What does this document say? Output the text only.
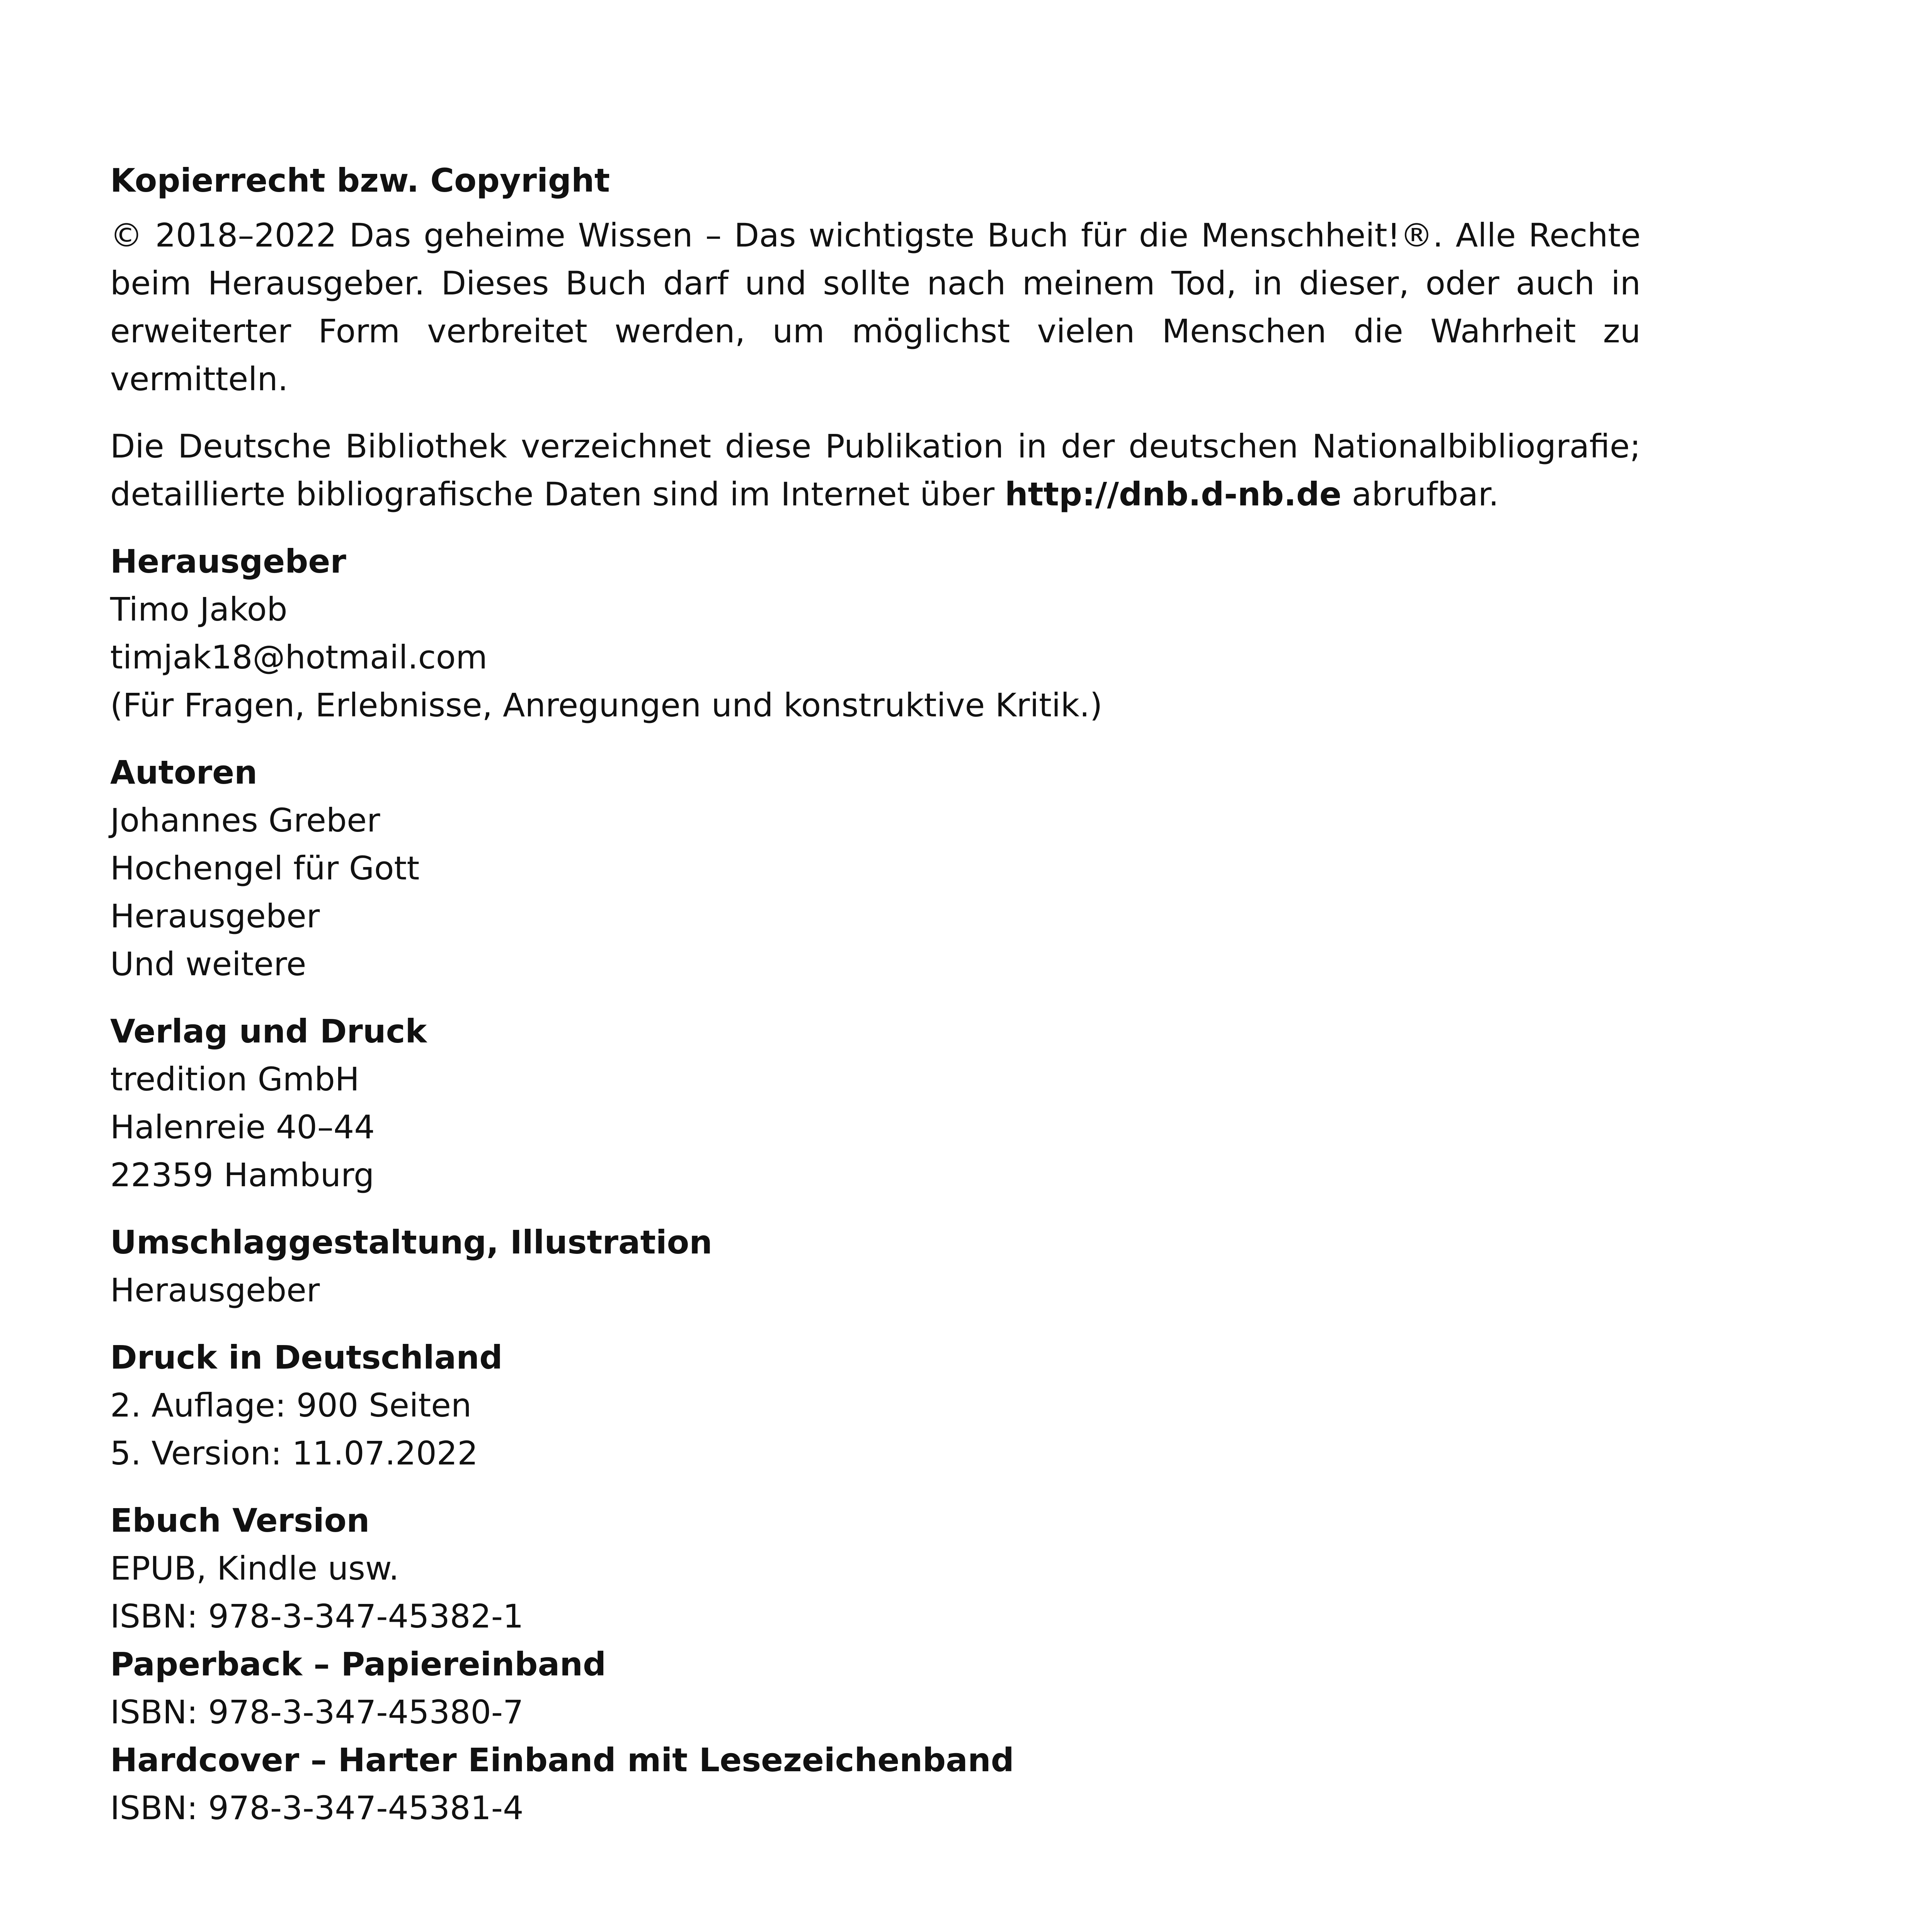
Kopierrecht bzw. Copyright

© 2018–2022 Das geheime Wissen – Das wichtigste Buch für die Menschheit!®. Alle Rechte beim Herausgeber. Dieses Buch darf und sollte nach meinem Tod, in dieser, oder auch in erweiterter Form verbreitet werden, um möglichst vielen Menschen die Wahrheit zu vermitteln.

Die Deutsche Bibliothek verzeichnet diese Publikation in der deutschen Nationalbibliografie; detaillierte bibliografische Daten sind im Internet über http://dnb.d-nb.de abrufbar.

Herausgeber
Timo Jakob
timjak18@hotmail.com
(Für Fragen, Erlebnisse, Anregungen und konstruktive Kritik.)
Autoren
Johannes Greber
Hochengel für Gott
Herausgeber
Und weitere
Verlag und Druck
tredition GmbH
Halenreie 40–44
22359 Hamburg
Umschlaggestaltung, Illustration
Herausgeber
Druck in Deutschland
2. Auflage: 900 Seiten
5. Version: 11.07.2022
Ebuch Version
EPUB, Kindle usw.
ISBN: 978-3-347-45382-1
Paperback – Papiereinband
ISBN: 978-3-347-45380-7
Hardcover – Harter Einband mit Lesezeichenband
ISBN: 978-3-347-45381-4
